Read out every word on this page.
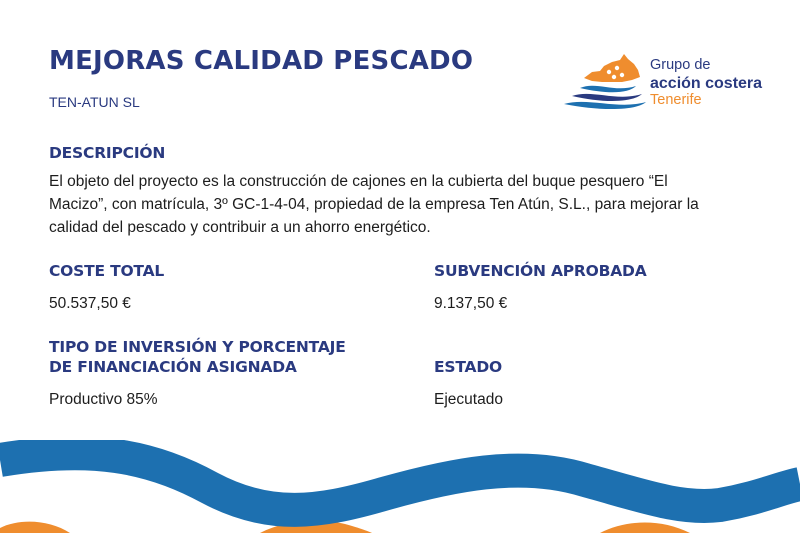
MEJORAS CALIDAD PESCADO
TEN-ATUN SL
Grupo de
acción costera
Tenerife
DESCRIPCIÓN
El objeto del proyecto es la construcción de cajones en la cubierta del buque pesquero “El
Macizo”, con matrícula, 3º GC-1-4-04, propiedad de la empresa Ten Atún, S.L., para mejorar la
calidad del pescado y contribuir a un ahorro energético.
COSTE TOTAL
50.537,50 €
SUBVENCIÓN APROBADA
9.137,50 €
TIPO DE INVERSIÓN Y PORCENTAJE
DE FINANCIACIÓN ASIGNADA
Productivo 85%
ESTADO
Ejecutado
